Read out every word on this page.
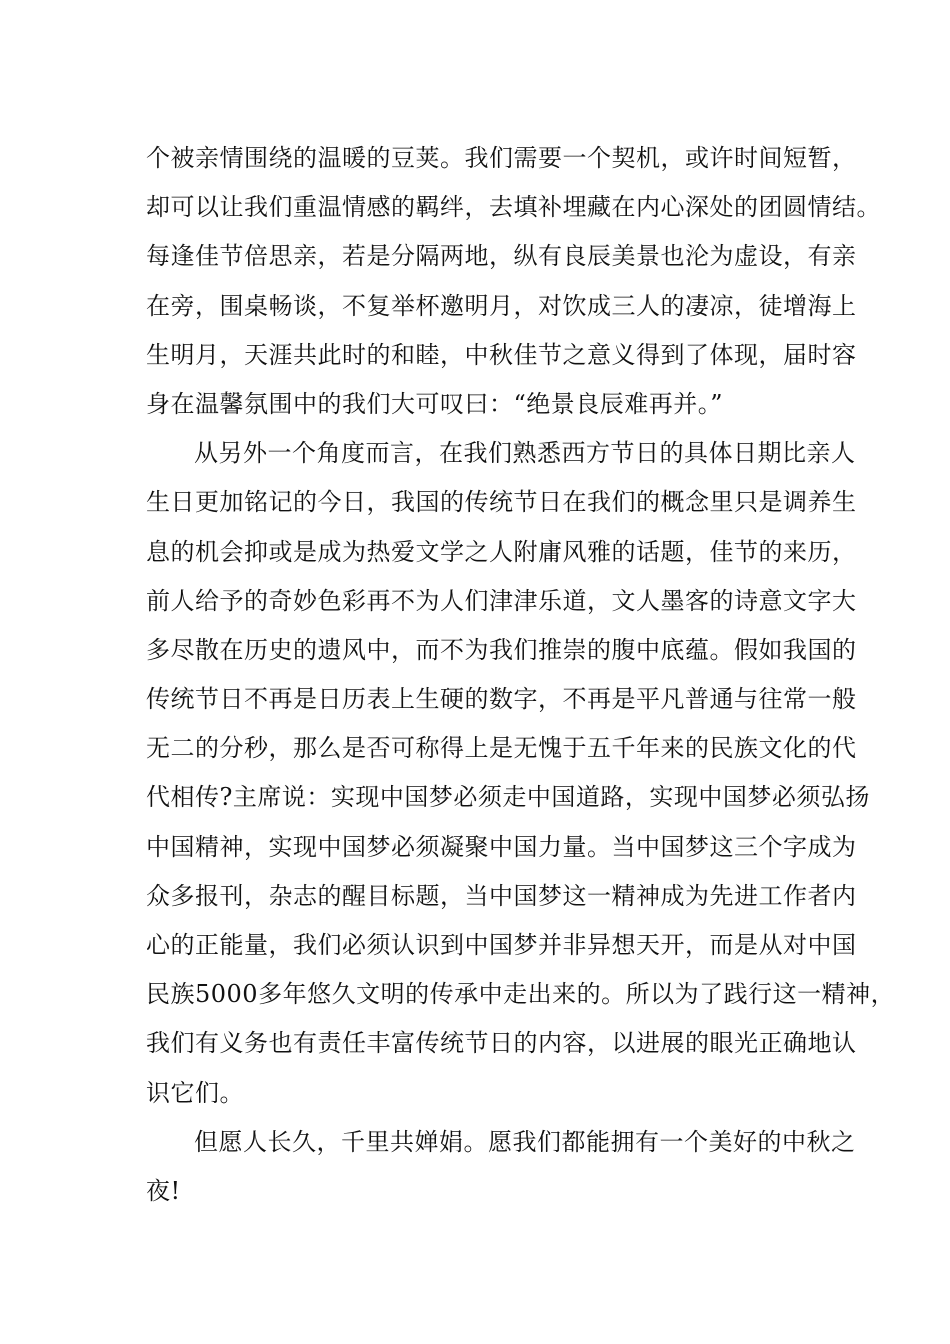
个被亲情围绕的温暖的豆荚。我们需要一个契机，或许时间短暂，
却可以让我们重温情感的羁绊，去填补埋藏在内心深处的团圆情结。
每逢佳节倍思亲，若是分隔两地，纵有良辰美景也沦为虚设，有亲
在旁，围桌畅谈，不复举杯邀明月，对饮成三人的凄凉，徒增海上
生明月，天涯共此时的和睦，中秋佳节之意义得到了体现，届时容
身在温馨氛围中的我们大可叹曰：“绝景良辰难再并。”
从另外一个角度而言，在我们熟悉西方节日的具体日期比亲人
生日更加铭记的今日，我国的传统节日在我们的概念里只是调养生
息的机会抑或是成为热爱文学之人附庸风雅的话题，佳节的来历，
前人给予的奇妙色彩再不为人们津津乐道，文人墨客的诗意文字大
多尽散在历史的遗风中，而不为我们推崇的腹中底蕴。假如我国的
传统节日不再是日历表上生硬的数字，不再是平凡普通与往常一般
无二的分秒，那么是否可称得上是无愧于五千年来的民族文化的代
代相传?主席说：实现中国梦必须走中国道路，实现中国梦必须弘扬
中国精神，实现中国梦必须凝聚中国力量。当中国梦这三个字成为
众多报刊，杂志的醒目标题，当中国梦这一精神成为先进工作者内
心的正能量，我们必须认识到中国梦并非异想天开，而是从对中国
民族5000多年悠久文明的传承中走出来的。所以为了践行这一精神，
我们有义务也有责任丰富传统节日的内容，以进展的眼光正确地认
识它们。
但愿人长久，千里共婵娟。愿我们都能拥有一个美好的中秋之
夜!
